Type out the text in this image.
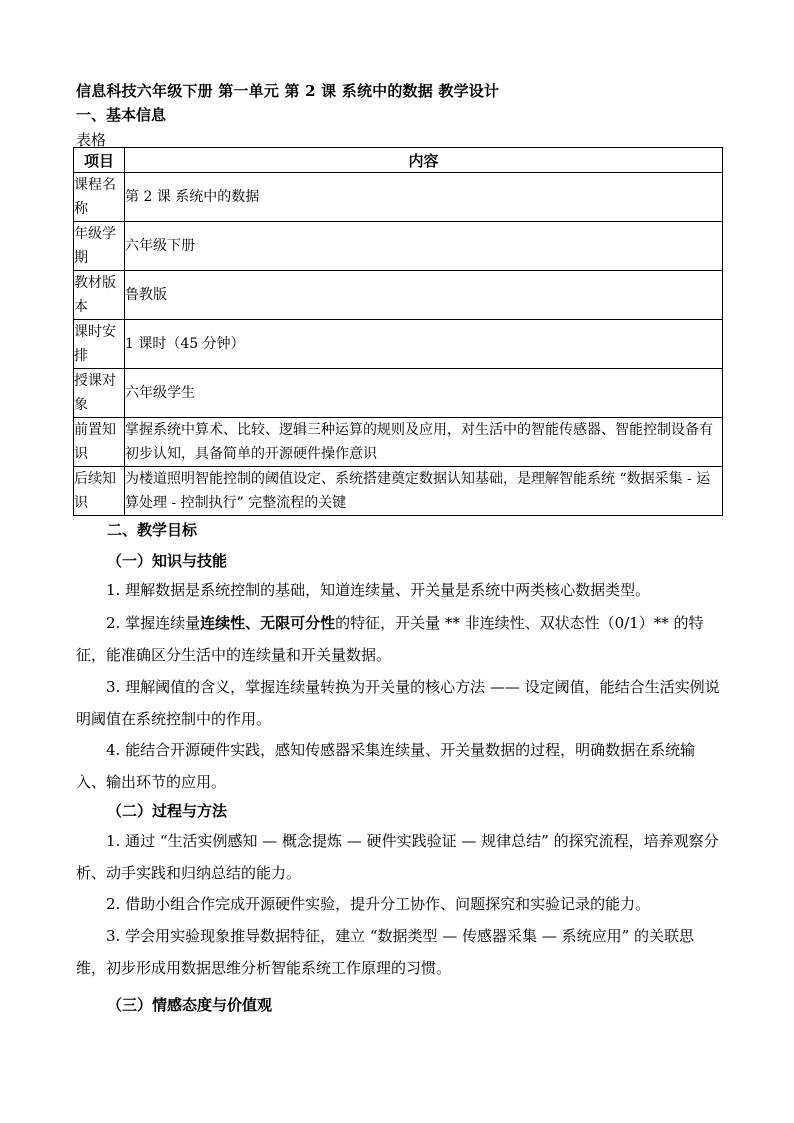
信息科技六年级下册 第一单元 第 2 课 系统中的数据 教学设计
一、基本信息
表格
项目	内容
课程名称	第 2 课 系统中的数据
年级学期	六年级下册
教材版本	鲁教版
课时安排	1 课时（45 分钟）
授课对象	六年级学生
前置知识	掌握系统中算术、比较、逻辑三种运算的规则及应用，对生活中的智能传感器、智能控制设备有初步认知，具备简单的开源硬件操作意识
后续知识	为楼道照明智能控制的阈值设定、系统搭建奠定数据认知基础，是理解智能系统 “数据采集 - 运算处理 - 控制执行” 完整流程的关键
二、教学目标
（一）知识与技能
1. 理解数据是系统控制的基础，知道连续量、开关量是系统中两类核心数据类型。
2. 掌握连续量连续性、无限可分性的特征，开关量 ** 非连续性、双状态性（0/1）** 的特征，能准确区分生活中的连续量和开关量数据。
3. 理解阈值的含义，掌握连续量转换为开关量的核心方法 —— 设定阈值，能结合生活实例说明阈值在系统控制中的作用。
4. 能结合开源硬件实践，感知传感器采集连续量、开关量数据的过程，明确数据在系统输入、输出环节的应用。
（二）过程与方法
1. 通过 “生活实例感知 — 概念提炼 — 硬件实践验证 — 规律总结” 的探究流程，培养观察分析、动手实践和归纳总结的能力。
2. 借助小组合作完成开源硬件实验，提升分工协作、问题探究和实验记录的能力。
3. 学会用实验现象推导数据特征，建立 “数据类型 — 传感器采集 — 系统应用” 的关联思维，初步形成用数据思维分析智能系统工作原理的习惯。
（三）情感态度与价值观
